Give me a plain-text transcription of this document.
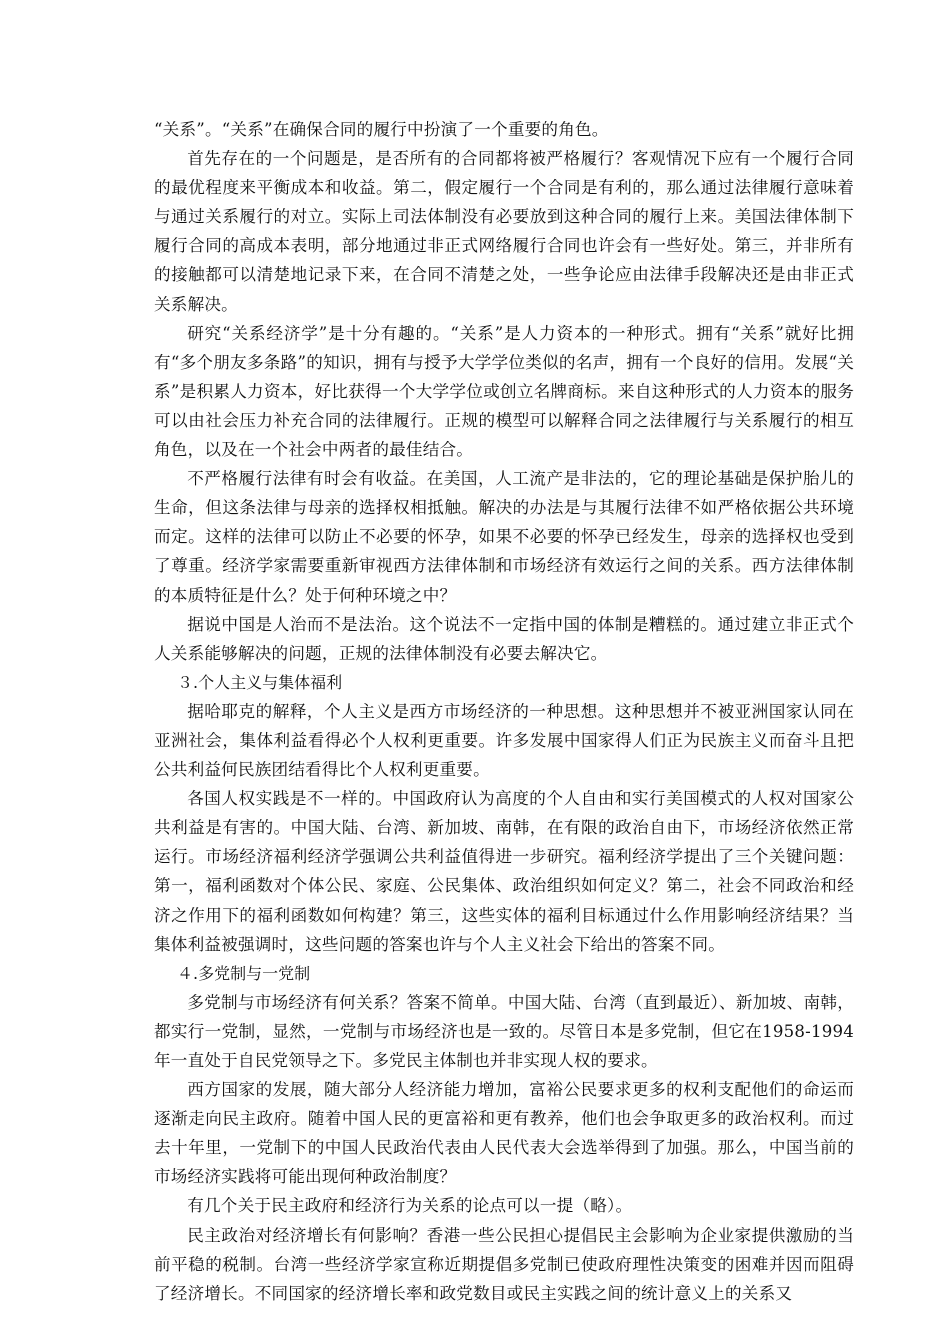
“关系”。“关系”在确保合同的履行中扮演了一个重要的角色。

首先存在的一个问题是，是否所有的合同都将被严格履行？客观情况下应有一个履行合同的最优程度来平衡成本和收益。第二，假定履行一个合同是有利的，那么通过法律履行意味着与通过关系履行的对立。实际上司法体制没有必要放到这种合同的履行上来。美国法律体制下履行合同的高成本表明，部分地通过非正式网络履行合同也许会有一些好处。第三，并非所有的接触都可以清楚地记录下来，在合同不清楚之处，一些争论应由法律手段解决还是由非正式关系解决。

研究“关系经济学”是十分有趣的。“关系”是人力资本的一种形式。拥有“关系”就好比拥有“多个朋友多条路”的知识，拥有与授予大学学位类似的名声，拥有一个良好的信用。发展“关系”是积累人力资本，好比获得一个大学学位或创立名牌商标。来自这种形式的人力资本的服务可以由社会压力补充合同的法律履行。正规的模型可以解释合同之法律履行与关系履行的相互角色，以及在一个社会中两者的最佳结合。

不严格履行法律有时会有收益。在美国，人工流产是非法的，它的理论基础是保护胎儿的生命，但这条法律与母亲的选择权相抵触。解决的办法是与其履行法律不如严格依据公共环境而定。这样的法律可以防止不必要的怀孕，如果不必要的怀孕已经发生，母亲的选择权也受到了尊重。经济学家需要重新审视西方法律体制和市场经济有效运行之间的关系。西方法律体制的本质特征是什么？处于何种环境之中？

据说中国是人治而不是法治。这个说法不一定指中国的体制是糟糕的。通过建立非正式个人关系能够解决的问题，正规的法律体制没有必要去解决它。

３.个人主义与集体福利

据哈耶克的解释，个人主义是西方市场经济的一种思想。这种思想并不被亚洲国家认同在亚洲社会，集体利益看得必个人权利更重要。许多发展中国家得人们正为民族主义而奋斗且把公共利益何民族团结看得比个人权利更重要。

各国人权实践是不一样的。中国政府认为高度的个人自由和实行美国模式的人权对国家公共利益是有害的。中国大陆、台湾、新加坡、南韩，在有限的政治自由下，市场经济依然正常运行。市场经济福利经济学强调公共利益值得进一步研究。福利经济学提出了三个关键问题：第一，福利函数对个体公民、家庭、公民集体、政治组织如何定义？第二，社会不同政治和经济之作用下的福利函数如何构建？第三，这些实体的福利目标通过什么作用影响经济结果？当集体利益被强调时，这些问题的答案也许与个人主义社会下给出的答案不同。

４.多党制与一党制

多党制与市场经济有何关系？答案不简单。中国大陆、台湾（直到最近）、新加坡、南韩，都实行一党制，显然，一党制与市场经济也是一致的。尽管日本是多党制，但它在1958-1994年一直处于自民党领导之下。多党民主体制也并非实现人权的要求。

西方国家的发展，随大部分人经济能力增加，富裕公民要求更多的权利支配他们的命运而逐渐走向民主政府。随着中国人民的更富裕和更有教养，他们也会争取更多的政治权利。而过去十年里，一党制下的中国人民政治代表由人民代表大会选举得到了加强。那么，中国当前的市场经济实践将可能出现何种政治制度？

有几个关于民主政府和经济行为关系的论点可以一提（略）。

民主政治对经济增长有何影响？香港一些公民担心提倡民主会影响为企业家提供激励的当前平稳的税制。台湾一些经济学家宣称近期提倡多党制已使政府理性决策变的困难并因而阻碍了经济增长。不同国家的经济增长率和政党数目或民主实践之间的统计意义上的关系又
